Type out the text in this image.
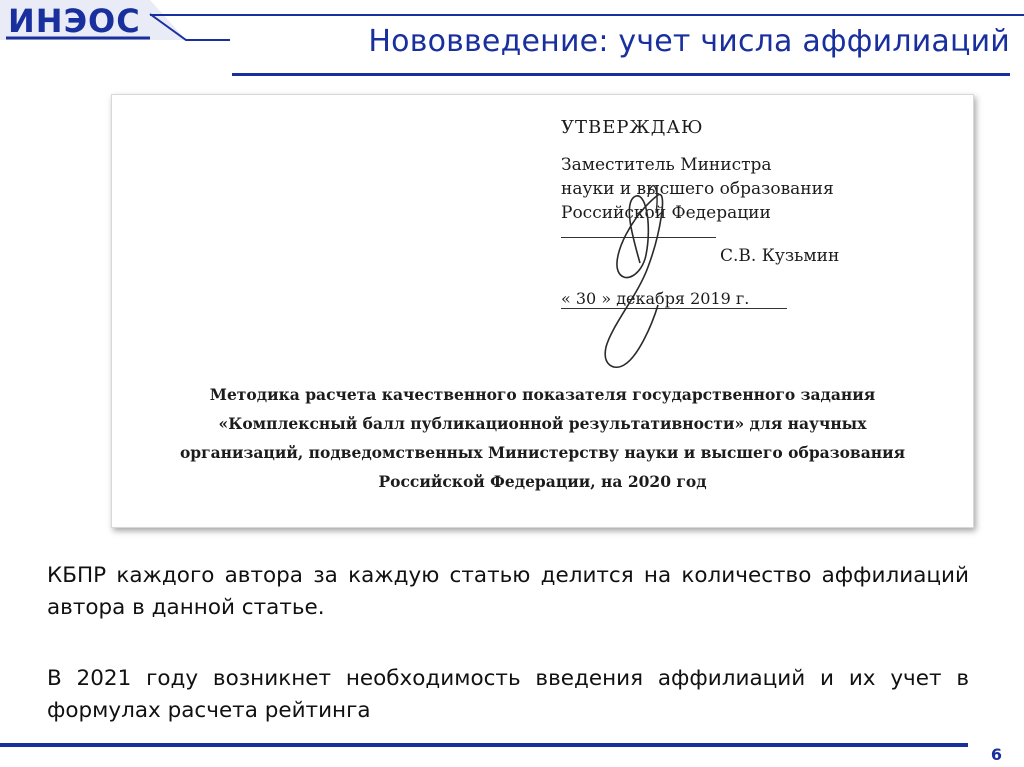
ИНЭОС
Нововведение: учет числа аффилиаций
УТВЕРЖДАЮ
Заместитель Министра
науки и высшего образования
Российской Федерации
С.В. Кузьмин
« 30 » декабря 2019 г.
Методика расчета качественного показателя государственного задания
«Комплексный балл публикационной результативности» для научных
организаций, подведомственных Министерству науки и высшего образования
Российской Федерации, на 2020 год
КБПР каждого автора за каждую статью делится на количество аффилиаций автора в данной статье.
В 2021 году возникнет необходимость введения аффилиаций и их учет в формулах расчета рейтинга
6
